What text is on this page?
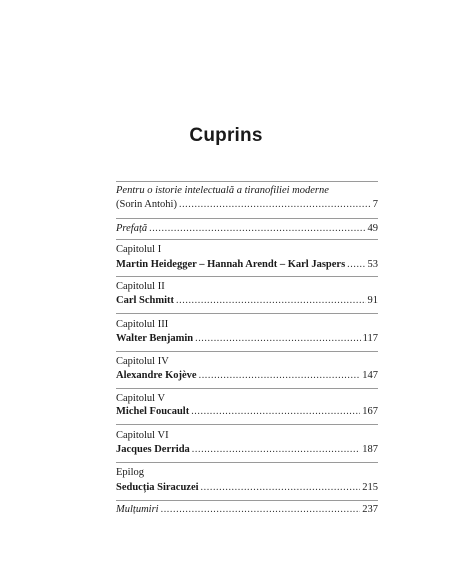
Cuprins
Pentru o istorie intelectuală a tiranofiliei moderne
(Sorin Antohi) .....	7
Prefață .....	49
Capitolul I
Martin Heidegger – Hannah Arendt – Karl Jaspers ..... 53
Capitolul II
Carl Schmitt .....	91
Capitolul III
Walter Benjamin .....	117
Capitolul IV
Alexandre Kojève .....	147
Capitolul V
Michel Foucault .....	167
Capitolul VI
Jacques Derrida .....	187
Epilog
Seducția Siracuzei .....	215
Mulțumiri .....	237
